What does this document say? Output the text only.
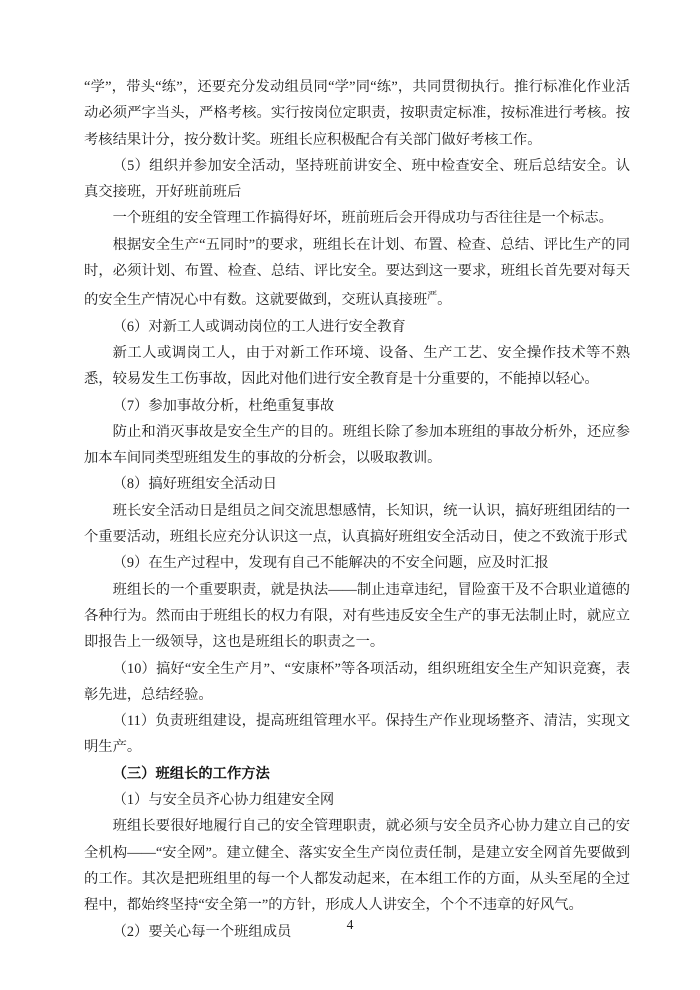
“学”，带头“练”，还要充分发动组员同“学”同“练”，共同贯彻执行。推行标准化作业活动必须严字当头，严格考核。实行按岗位定职责，按职责定标准，按标准进行考核。按考核结果计分，按分数计奖。班组长应积极配合有关部门做好考核工作。

（5）组织并参加安全活动，坚持班前讲安全、班中检查安全、班后总结安全。认真交接班，开好班前班后

一个班组的安全管理工作搞得好坏，班前班后会开得成功与否往往是一个标志。

根据安全生产“五同时”的要求，班组长在计划、布置、检查、总结、评比生产的同时，必须计划、布置、检查、总结、评比安全。要达到这一要求，班组长首先要对每天的安全生产情况心中有数。这就要做到，交班认真接班$^严$。

（6）对新工人或调动岗位的工人进行安全教育

新工人或调岗工人，由于对新工作环境、设备、生产工艺、安全操作技术等不熟悉，较易发生工伤事故，因此对他们进行安全教育是十分重要的，不能掉以轻心。

（7）参加事故分析，杜绝重复事故

防止和消灭事故是安全生产的目的。班组长除了参加本班组的事故分析外，还应参加本车间同类型班组发生的事故的分析会，以吸取教训。

（8）搞好班组安全活动日

班长安全活动日是组员之间交流思想感情，长知识，统一认识，搞好班组团结的一个重要活动，班组长应充分认识这一点，认真搞好班组安全活动日，使之不致流于形式

（9）在生产过程中，发现有自己不能解决的不安全问题，应及时汇报

班组长的一个重要职责，就是执法——制止违章违纪，冒险蛮干及不合职业道德的各种行为。然而由于班组长的权力有限，对有些违反安全生产的事无法制止时，就应立即报告上一级领导，这也是班组长的职责之一。

（10）搞好“安全生产月”、“安康杯”等各项活动，组织班组安全生产知识竞赛，表彰先进，总结经验。

（11）负责班组建设，提高班组管理水平。保持生产作业现场整齐、清洁，实现文明生产。

（三）班组长的工作方法

（1）与安全员齐心协力组建安全网

班组长要很好地履行自己的安全管理职责，就必须与安全员齐心协力建立自己的安全机构——“安全网”。建立健全、落实安全生产岗位责任制，是建立安全网首先要做到的工作。其次是把班组里的每一个人都发动起来，在本组工作的方面，从头至尾的全过程中，都始终坚持“安全第一”的方针，形成人人讲安全，个个不违章的好风气。

（2）要关心每一个班组成员	4
